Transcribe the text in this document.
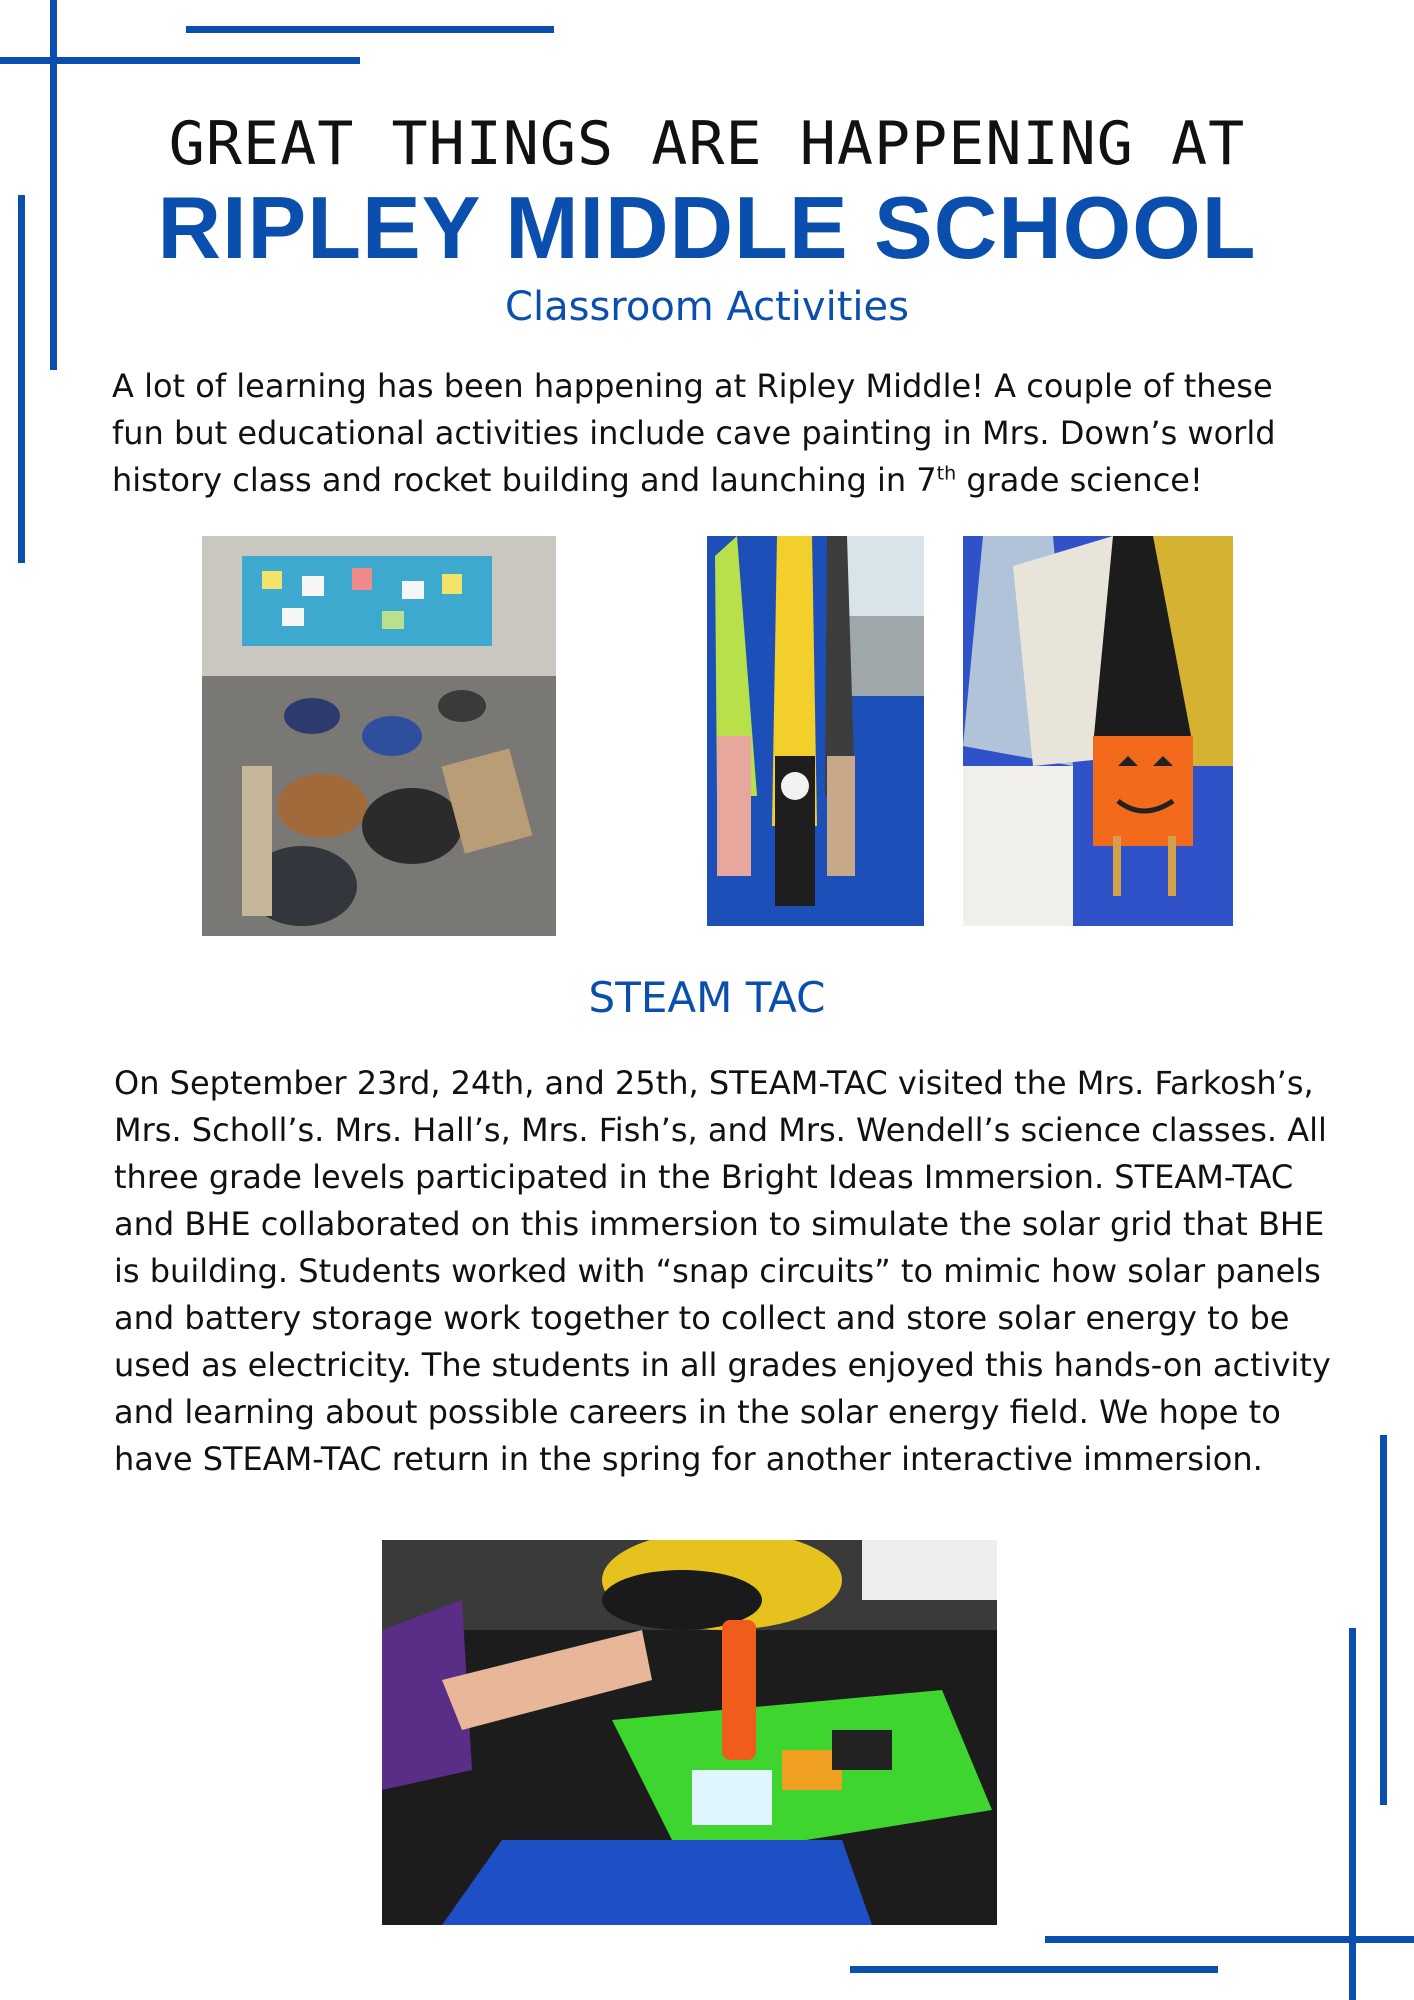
GREAT THINGS ARE HAPPENING AT
RIPLEY MIDDLE SCHOOL
Classroom Activities
A lot of learning has been happening at Ripley Middle! A couple of these fun but educational activities include cave painting in Mrs. Down’s world history class and rocket building and launching in 7th grade science!
STEAM TAC
On September 23rd, 24th, and 25th, STEAM-TAC visited the Mrs. Farkosh’s, Mrs. Scholl’s. Mrs. Hall’s, Mrs. Fish’s, and Mrs. Wendell’s science classes. All three grade levels participated in the Bright Ideas Immersion. STEAM-TAC and BHE collaborated on this immersion to simulate the solar grid that BHE is building. Students worked with “snap circuits” to mimic how solar panels and battery storage work together to collect and store solar energy to be used as electricity. The students in all grades enjoyed this hands-on activity and learning about possible careers in the solar energy field. We hope to have STEAM-TAC return in the spring for another interactive immersion.
